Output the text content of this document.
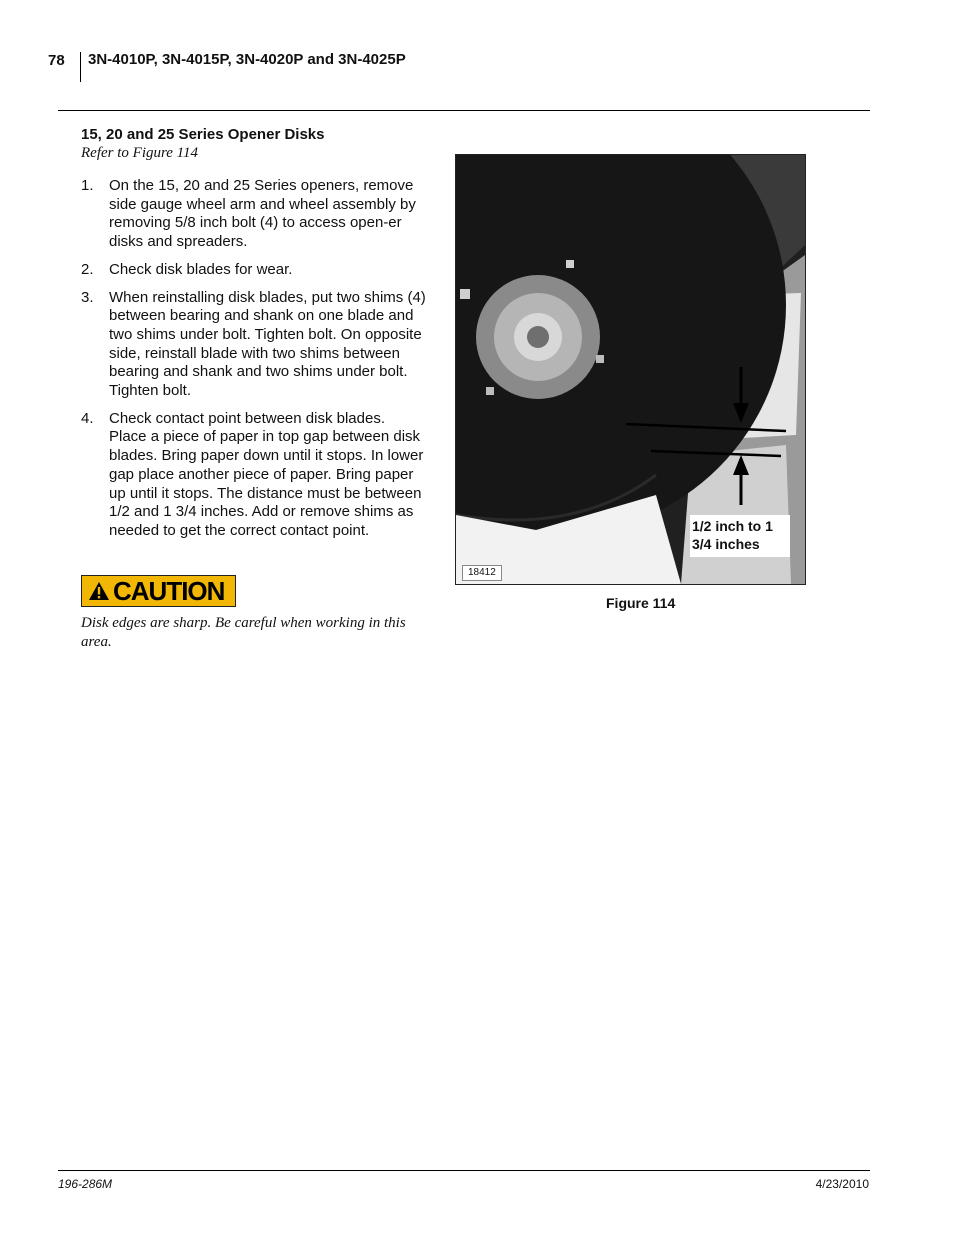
78 3N-4010P, 3N-4015P, 3N-4020P and 3N-4025P
15, 20 and 25 Series Opener Disks
Refer to Figure 114
1. On the 15, 20 and 25 Series openers, remove side gauge wheel arm and wheel assembly by removing 5/8 inch bolt (4) to access open-er disks and spreaders.
2. Check disk blades for wear.
3. When reinstalling disk blades, put two shims (4) between bearing and shank on one blade and two shims under bolt. Tighten bolt. On opposite side, reinstall blade with two shims between bearing and shank and two shims under bolt. Tighten bolt.
4. Check contact point between disk blades. Place a piece of paper in top gap between disk blades. Bring paper down until it stops. In lower gap place another piece of paper. Bring paper up until it stops. The distance must be between 1/2 and 1 3/4 inches. Add or remove shims as needed to get the correct contact point.
CAUTION
Disk edges are sharp. Be careful when working in this area.
18412
1/2 inch to 1 3/4 inches
Figure 114
196-286M	4/23/2010
